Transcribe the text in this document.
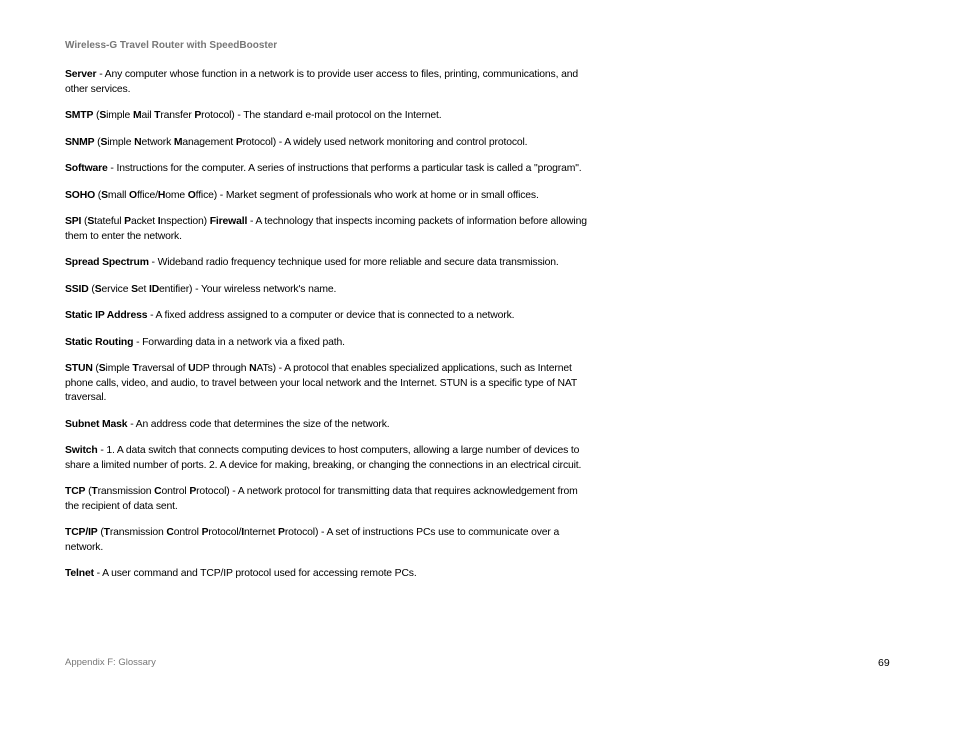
Wireless-G Travel Router with SpeedBooster

Server - Any computer whose function in a network is to provide user access to files, printing, communications, and other services.

SMTP (Simple Mail Transfer Protocol) - The standard e-mail protocol on the Internet.

SNMP (Simple Network Management Protocol) - A widely used network monitoring and control protocol.

Software - Instructions for the computer. A series of instructions that performs a particular task is called a "program".

SOHO (Small Office/Home Office) - Market segment of professionals who work at home or in small offices.

SPI (Stateful Packet Inspection) Firewall - A technology that inspects incoming packets of information before allowing them to enter the network.

Spread Spectrum - Wideband radio frequency technique used for more reliable and secure data transmission.

SSID (Service Set IDentifier) - Your wireless network's name.

Static IP Address - A fixed address assigned to a computer or device that is connected to a network.

Static Routing - Forwarding data in a network via a fixed path.

STUN (Simple Traversal of UDP through NATs) - A protocol that enables specialized applications, such as Internet phone calls, video, and audio, to travel between your local network and the Internet. STUN is a specific type of NAT traversal.

Subnet Mask - An address code that determines the size of the network.

Switch - 1. A data switch that connects computing devices to host computers, allowing a large number of devices to share a limited number of ports. 2. A device for making, breaking, or changing the connections in an electrical circuit.

TCP (Transmission Control Protocol) - A network protocol for transmitting data that requires acknowledgement from the recipient of data sent.

TCP/IP (Transmission Control Protocol/Internet Protocol) - A set of instructions PCs use to communicate over a network.

Telnet - A user command and TCP/IP protocol used for accessing remote PCs.

Appendix F: Glossary	69
